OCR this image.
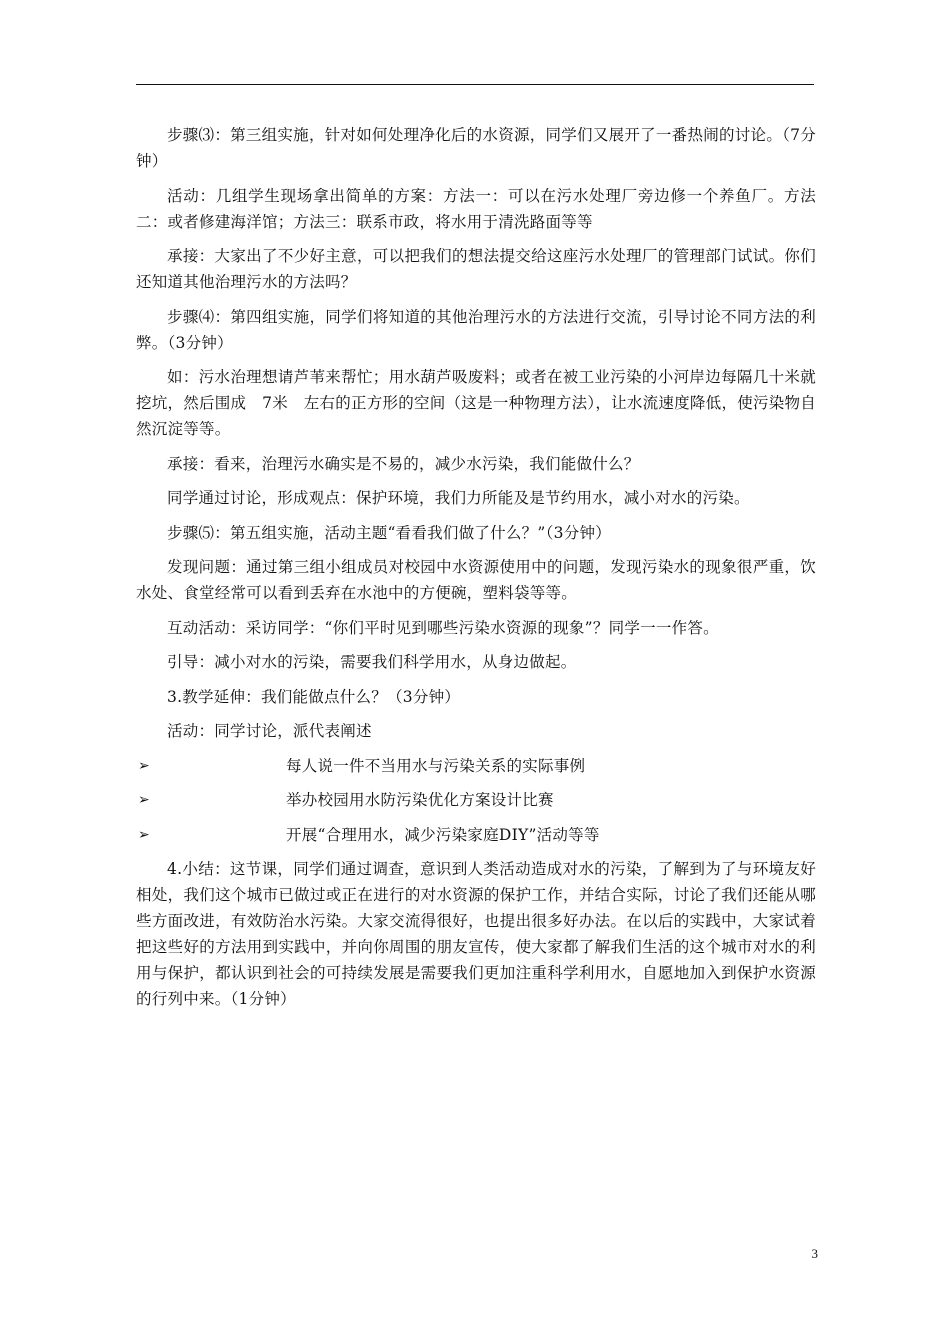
步骤⑶：第三组实施，针对如何处理净化后的水资源，同学们又展开了一番热闹的讨论。（7分钟）

活动：几组学生现场拿出简单的方案：方法一：可以在污水处理厂旁边修一个养鱼厂。方法二：或者修建海洋馆；方法三：联系市政，将水用于清洗路面等等

承接：大家出了不少好主意，可以把我们的想法提交给这座污水处理厂的管理部门试试。你们还知道其他治理污水的方法吗？

步骤⑷：第四组实施，同学们将知道的其他治理污水的方法进行交流，引导讨论不同方法的利弊。（3分钟）

如：污水治理想请芦苇来帮忙；用水葫芦吸废料；或者在被工业污染的小河岸边每隔几十米就挖坑，然后围成　7米　左右的正方形的空间（这是一种物理方法），让水流速度降低，使污染物自然沉淀等等。

承接：看来，治理污水确实是不易的，减少水污染，我们能做什么？

同学通过讨论，形成观点：保护环境，我们力所能及是节约用水，减小对水的污染。

步骤⑸：第五组实施，活动主题“看看我们做了什么？”（3分钟）

发现问题：通过第三组小组成员对校园中水资源使用中的问题，发现污染水的现象很严重，饮水处、食堂经常可以看到丢弃在水池中的方便碗，塑料袋等等。

互动活动：采访同学：“你们平时见到哪些污染水资源的现象”？同学一一作答。

引导：减小对水的污染，需要我们科学用水，从身边做起。

3.教学延伸：我们能做点什么？（3分钟）

活动：同学讨论，派代表阐述

➢	每人说一件不当用水与污染关系的实际事例
➢	举办校园用水防污染优化方案设计比赛
➢	开展“合理用水，减少污染家庭DIY”活动等等

4.小结：这节课，同学们通过调查，意识到人类活动造成对水的污染，了解到为了与环境友好相处，我们这个城市已做过或正在进行的对水资源的保护工作，并结合实际，讨论了我们还能从哪些方面改进，有效防治水污染。大家交流得很好，也提出很多好办法。在以后的实践中，大家试着把这些好的方法用到实践中，并向你周围的朋友宣传，使大家都了解我们生活的这个城市对水的利用与保护，都认识到社会的可持续发展是需要我们更加注重科学利用水，自愿地加入到保护水资源的行列中来。（1分钟）

3
